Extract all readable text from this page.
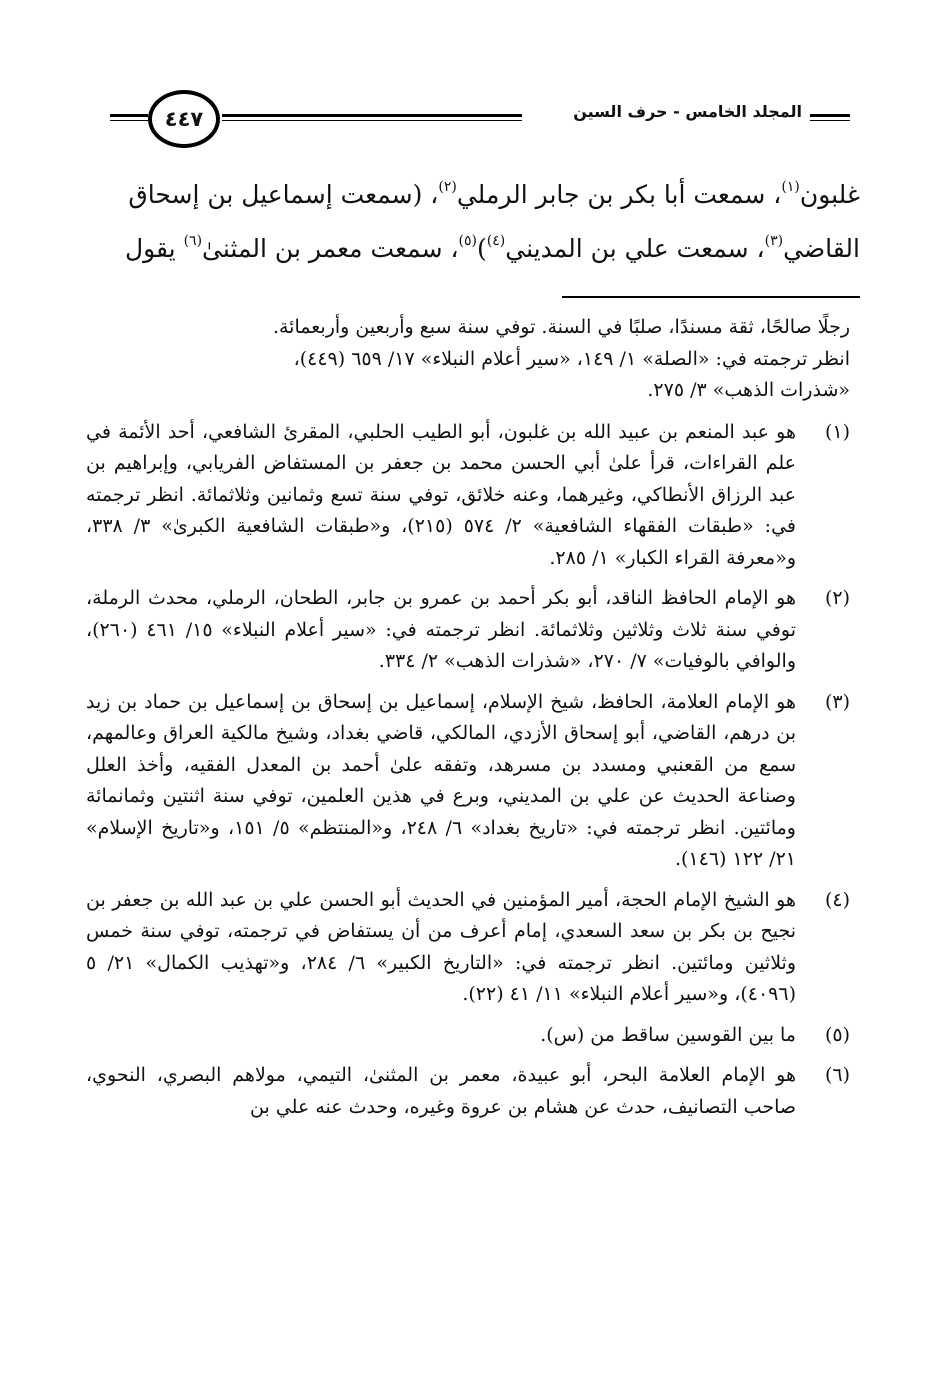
المجلد الخامس - حرف السين
٤٤٧

غلبون$^{(١)}$، سمعت أبا بكر بن جابر الرملي$^{(٢)}$، (سمعت إسماعيل بن إسحاق

القاضي$^{(٣)}$، سمعت علي بن المديني$^{(٤)}$)$^{(٥)}$، سمعت معمر بن المثنىٰ$^{(٦)}$ يقول

رجلًا صالحًا، ثقة مسندًا، صلبًا في السنة. توفي سنة سبع وأربعين وأربعمائة.

انظر ترجمته في: «الصلة» ١/ ١٤٩، «سير أعلام النبلاء» ١٧/ ٦٥٩ (٤٤٩)،

«شذرات الذهب» ٣/ ٢٧٥.

(١)
هو عبد المنعم بن عبيد الله بن غلبون، أبو الطيب الحلبي، المقرئ الشافعي، أحد الأئمة في علم القراءات، قرأ علىٰ أبي الحسن محمد بن جعفر بن المستفاض الفريابي، وإبراهيم بن عبد الرزاق الأنطاكي، وغيرهما، وعنه خلائق، توفي سنة تسع وثمانين وثلاثمائة. انظر ترجمته في: «طبقات الفقهاء الشافعية» ٢/ ٥٧٤ (٢١٥)، و«طبقات الشافعية الكبرىٰ» ٣/ ٣٣٨، و«معرفة القراء الكبار» ١/ ٢٨٥.
(٢)
هو الإمام الحافظ الناقد، أبو بكر أحمد بن عمرو بن جابر، الطحان، الرملي، محدث الرملة، توفي سنة ثلاث وثلاثين وثلاثمائة. انظر ترجمته في: «سير أعلام النبلاء» ١٥/ ٤٦١ (٢٦٠)، والوافي بالوفيات» ٧/ ٢٧٠، «شذرات الذهب» ٢/ ٣٣٤.
(٣)
هو الإمام العلامة، الحافظ، شيخ الإسلام، إسماعيل بن إسحاق بن إسماعيل بن حماد بن زيد بن درهم، القاضي، أبو إسحاق الأزدي، المالكي، قاضي بغداد، وشيخ مالكية العراق وعالمهم، سمع من القعنبي ومسدد بن مسرهد، وتفقه علىٰ أحمد بن المعدل الفقيه، وأخذ العلل وصناعة الحديث عن علي بن المديني، وبرع في هذين العلمين، توفي سنة اثنتين وثمانمائة ومائتين. انظر ترجمته في: «تاريخ بغداد» ٦/ ٢٤٨، و«المنتظم» ٥/ ١٥١، و«تاريخ الإسلام» ٢١/ ١٢٢ (١٤٦).
(٤)
هو الشيخ الإمام الحجة، أمير المؤمنين في الحديث أبو الحسن علي بن عبد الله بن جعفر بن نجيح بن بكر بن سعد السعدي، إمام أعرف من أن يستفاض في ترجمته، توفي سنة خمس وثلاثين ومائتين. انظر ترجمته في: «التاريخ الكبير» ٦/ ٢٨٤، و«تهذيب الكمال» ٢١/ ٥ (٤٠٩٦)، و«سير أعلام النبلاء» ١١/ ٤١ (٢٢).
(٥)
ما بين القوسين ساقط من (س).
(٦)
هو الإمام العلامة البحر، أبو عبيدة، معمر بن المثنىٰ، التيمي، مولاهم البصري، النحوي، صاحب التصانيف، حدث عن هشام بن عروة وغيره، وحدث عنه علي بن
